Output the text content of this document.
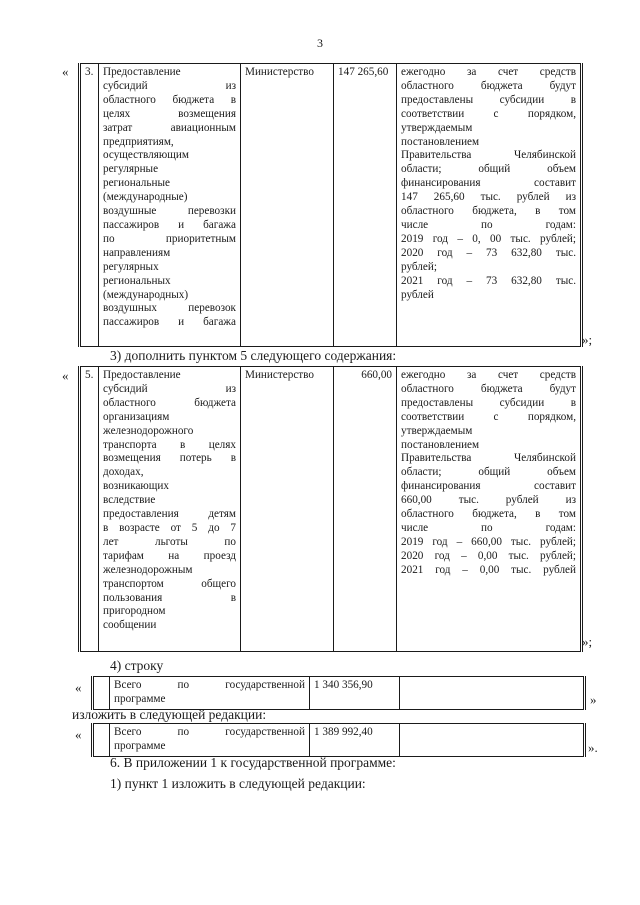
3
« 3.	Предоставление
субсидий из
областного бюджета в
целях возмещения
затрат авиационным
предприятиям,
осуществляющим
регулярные
региональные
(международные)
воздушные перевозки
пассажиров и багажа
по приоритетным
направлениям
регулярных
региональных
(международных)
воздушных перевозок
пассажиров и багажа
	Министерство	147 265,60	ежегодно за счет средств
областного бюджета будут
предоставлены субсидии в
соответствии с порядком,
утверждаемым
постановлением
Правительства Челябинской
области; общий объем
финансирования составит
147 265,60 тыс. рублей из
областного бюджета, в том
числе по годам:
2019 год – 0, 00 тыс. рублей;
2020 год – 73 632,80 тыс.
рублей;
2021 год – 73 632,80 тыс.
рублей
»;
3) дополнить пунктом 5 следующего содержания:
« 5.	Предоставление
субсидий из
областного бюджета
организациям
железнодорожного
транспорта в целях
возмещения потерь в
доходах,
возникающих
вследствие
предоставления детям
в возрасте от 5 до 7
лет льготы по
тарифам на проезд
железнодорожным
транспортом общего
пользования в
пригородном
сообщении
	Министерство	660,00	ежегодно за счет средств
областного бюджета будут
предоставлены субсидии в
соответствии с порядком,
утверждаемым
постановлением
Правительства Челябинской
области; общий объем
финансирования составит
660,00 тыс. рублей из
областного бюджета, в том
числе по годам:
2019 год – 660,00 тыс. рублей;
2020 год – 0,00 тыс. рублей;
2021 год – 0,00 тыс. рублей
»;
4) строку
«
		Всего по государственной
программе
	1 340 356,90	
»
изложить в следующей редакции:
«
		Всего по государственной
программе
	1 389 992,40	
».
6. В приложении 1 к государственной программе:
1) пункт 1 изложить в следующей редакции:
